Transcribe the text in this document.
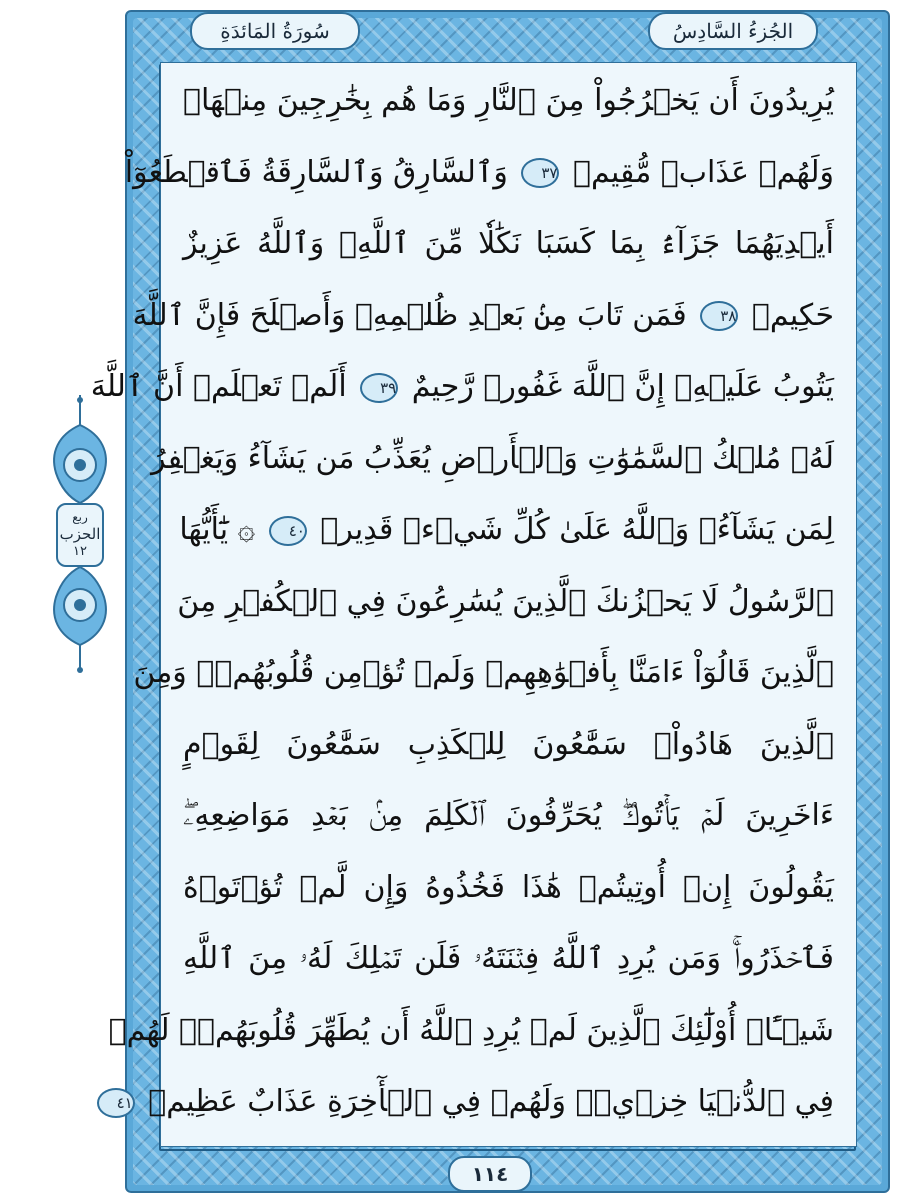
سُورَةُ المَائدَةِ	الجُزءُ السَّادِسُ
ربع
الحزب
١٢
يُرِيدُونَ أَن يَخۡرُجُواْ مِنَ ٱلنَّارِ وَمَا هُم بِخَٰرِجِينَ مِنۡهَاۖ
وَلَهُمۡ عَذَابٞ مُّقِيمٞ ٣٧ وَٱلسَّارِقُ وَٱلسَّارِقَةُ فَٱقۡطَعُوٓاْ
أَيۡدِيَهُمَا جَزَآءَۢ بِمَا كَسَبَا نَكَٰلٗا مِّنَ ٱللَّهِۗ وَٱللَّهُ عَزِيزٌ
حَكِيمٞ ٣٨ فَمَن تَابَ مِنۢ بَعۡدِ ظُلۡمِهِۦ وَأَصۡلَحَ فَإِنَّ ٱللَّهَ
يَتُوبُ عَلَيۡهِۚ إِنَّ ٱللَّهَ غَفُورٞ رَّحِيمٌ ٣٩ أَلَمۡ تَعۡلَمۡ أَنَّ ٱللَّهَ
لَهُۥ مُلۡكُ ٱلسَّمَٰوَٰتِ وَٱلۡأَرۡضِ يُعَذِّبُ مَن يَشَآءُ وَيَغۡفِرُ
لِمَن يَشَآءُۗ وَٱللَّهُ عَلَىٰ كُلِّ شَيۡءٖ قَدِيرٞ ٤٠ ۞ يَٰٓأَيُّهَا
ٱلرَّسُولُ لَا يَحۡزُنكَ ٱلَّذِينَ يُسَٰرِعُونَ فِي ٱلۡكُفۡرِ مِنَ
ٱلَّذِينَ قَالُوٓاْ ءَامَنَّا بِأَفۡوَٰهِهِمۡ وَلَمۡ تُؤۡمِن قُلُوبُهُمۡۛ وَمِنَ
ٱلَّذِينَ هَادُواْۛ سَمَّٰعُونَ لِلۡكَذِبِ سَمَّٰعُونَ لِقَوۡمٍ
ءَاخَرِينَ لَمۡ يَأۡتُوكَۖ يُحَرِّفُونَ ٱلۡكَلِمَ مِنۢ بَعۡدِ مَوَاضِعِهِۦۖ
يَقُولُونَ إِنۡ أُوتِيتُمۡ هَٰذَا فَخُذُوهُ وَإِن لَّمۡ تُؤۡتَوۡهُ
فَٱحۡذَرُواْۚ وَمَن يُرِدِ ٱللَّهُ فِتۡنَتَهُۥ فَلَن تَمۡلِكَ لَهُۥ مِنَ ٱللَّهِ
شَيۡـًٔاۚ أُوْلَٰٓئِكَ ٱلَّذِينَ لَمۡ يُرِدِ ٱللَّهُ أَن يُطَهِّرَ قُلُوبَهُمۡۚ لَهُمۡ
فِي ٱلدُّنۡيَا خِزۡيٞۖ وَلَهُمۡ فِي ٱلۡأٓخِرَةِ عَذَابٌ عَظِيمٞ ٤١
١١٤
